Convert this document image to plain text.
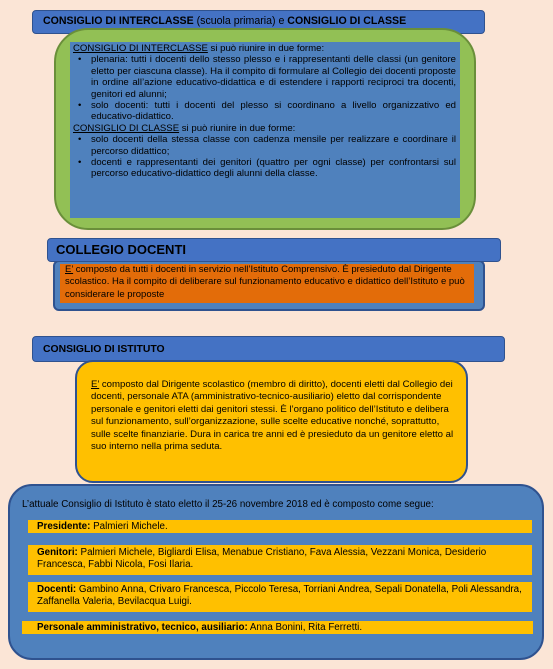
CONSIGLIO DI INTERCLASSE (scuola primaria) e CONSIGLIO DI CLASSE
CONSIGLIO DI INTERCLASSE si può riunire in due forme:
• plenaria: tutti i docenti dello stesso plesso e i rappresentanti delle classi (un genitore eletto per ciascuna classe). Ha il compito di formulare al Collegio dei docenti proposte in ordine all’azione educativo-didattica e di estendere i rapporti reciproci tra docenti, genitori ed alunni;
• solo docenti: tutti i docenti del plesso si coordinano a livello organizzativo ed educativo-didattico.
CONSIGLIO DI CLASSE si può riunire in due forme:
• solo docenti della stessa classe con cadenza mensile per realizzare e coordinare il percorso didattico;
• docenti e rappresentanti dei genitori (quattro per ogni classe) per confrontarsi sul percorso educativo-didattico degli alunni della classe.
COLLEGIO DOCENTI
E’ composto da tutti i docenti in servizio nell’Istituto Comprensivo. È presieduto dal Dirigente scolastico. Ha il compito di deliberare sul funzionamento educativo e didattico dell’Istituto e può considerare le proposte
CONSIGLIO DI ISTITUTO
E’ composto dal Dirigente scolastico (membro di diritto), docenti eletti dal Collegio dei docenti, personale ATA (amministrativo-tecnico-ausiliario) eletto dal corrispondente personale e genitori eletti dai genitori stessi. È l’organo politico dell’Istituto e delibera sul funzionamento, sull’organizzazione, sulle scelte educative nonché, soprattutto, sulle scelte finanziarie. Dura in carica tre anni ed è presieduto da un genitore eletto al suo interno nella prima seduta.
L’attuale Consiglio di Istituto è stato eletto il 25-26 novembre 2018 ed è composto come segue:
Presidente: Palmieri Michele.
Genitori: Palmieri Michele, Bigliardi Elisa, Menabue Cristiano, Fava Alessia, Vezzani Monica, Desiderio Francesca, Fabbi Nicola, Fosi Ilaria.
Docenti: Gambino Anna, Crivaro Francesca, Piccolo Teresa, Torriani Andrea, Sepali Donatella, Poli Alessandra, Zaffanella Valeria, Bevilacqua Luigi.
Personale amministrativo, tecnico, ausiliario: Anna Bonini, Rita Ferretti.
